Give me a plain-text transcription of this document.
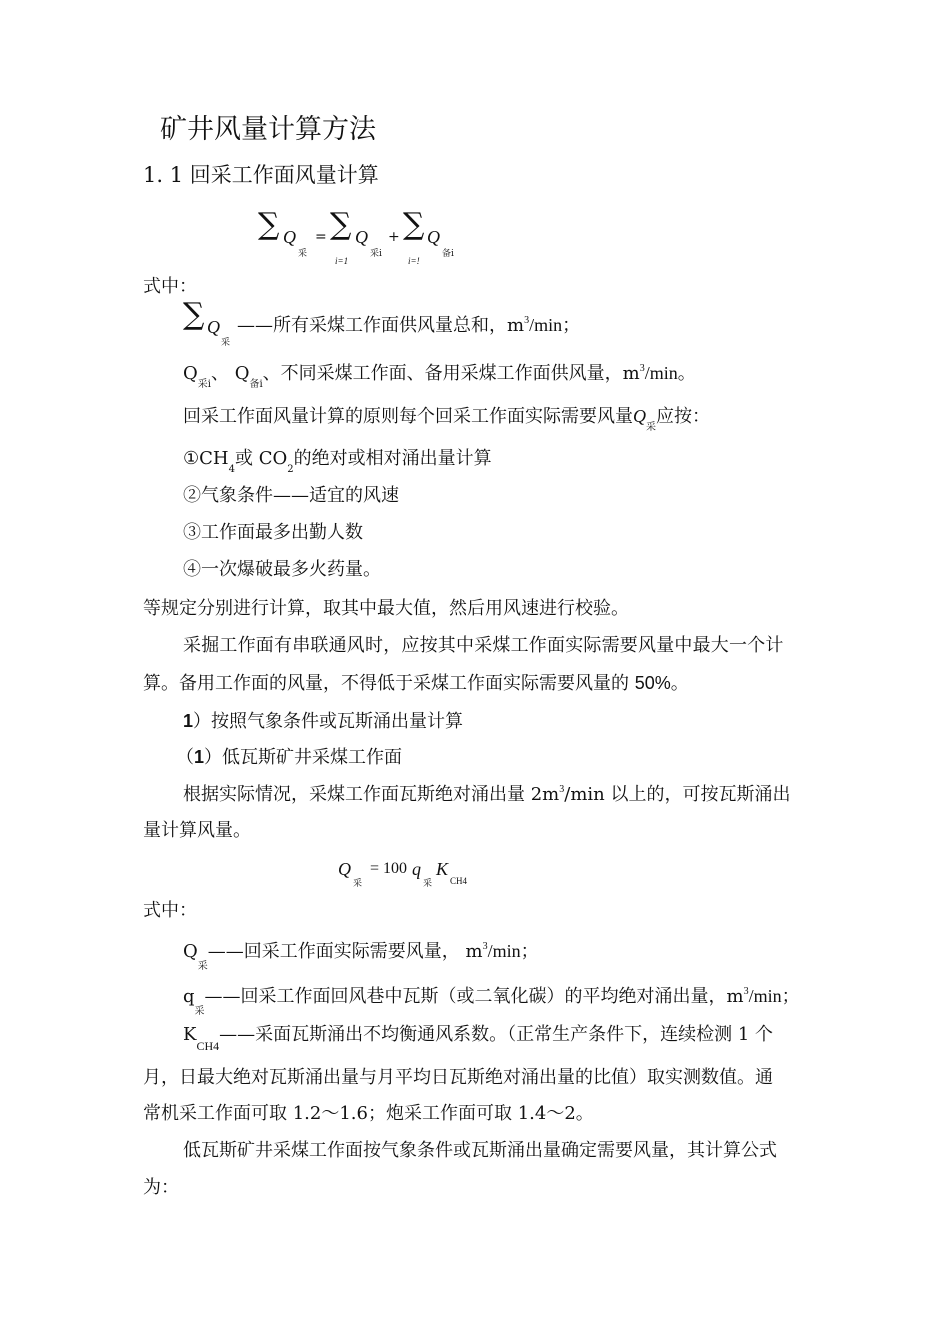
矿井风量计算方法
1. 1 回采工作面风量计算
∑ Q
采
= ∑ Q
采i
i=1
+ ∑ Q
备i
i=!
式中：
∑ Q
采
——所有采煤工作面供风量总和，$m^3/\min$；
$Q_{采i}$、 $Q_{备i}$、不同采煤工作面、备用采煤工作面供风量，$m^3/\min$。
回采工作面风量计算的原则每个回采工作面实际需要风量$Q_采$应按：
$①CH_4$或 $CO_2$的绝对或相对涌出量计算
②气象条件——适宜的风速
③工作面最多出勤人数
④一次爆破最多火药量。
等规定分别进行计算，取其中最大值，然后用风速进行校验。
采掘工作面有串联通风时，应按其中采煤工作面实际需要风量中最大一个计
算。备用工作面的风量，不得低于采煤工作面实际需要风量的 50%。
1）按照气象条件或瓦斯涌出量计算
（1）低瓦斯矿井采煤工作面
根据实际情况，采煤工作面瓦斯绝对涌出量 $2m^3/\min$ 以上的，可按瓦斯涌出
量计算风量。
Q
采
= 100 q
采
K
CH4
式中：
$Q_采——$回采工作面实际需要风量， $m^3/\min$；
$q_采——$回采工作面回风巷中瓦斯（或二氧化碳）的平均绝对涌出量，$m^3/\min$；
$K_{CH4}——$采面瓦斯涌出不均衡通风系数。（正常生产条件下，连续检测 1 个
月，日最大绝对瓦斯涌出量与月平均日瓦斯绝对涌出量的比值）取实测数值。通
常机采工作面可取 1.2～1.6；炮采工作面可取 1.4～2。
低瓦斯矿井采煤工作面按气象条件或瓦斯涌出量确定需要风量，其计算公式
为：
